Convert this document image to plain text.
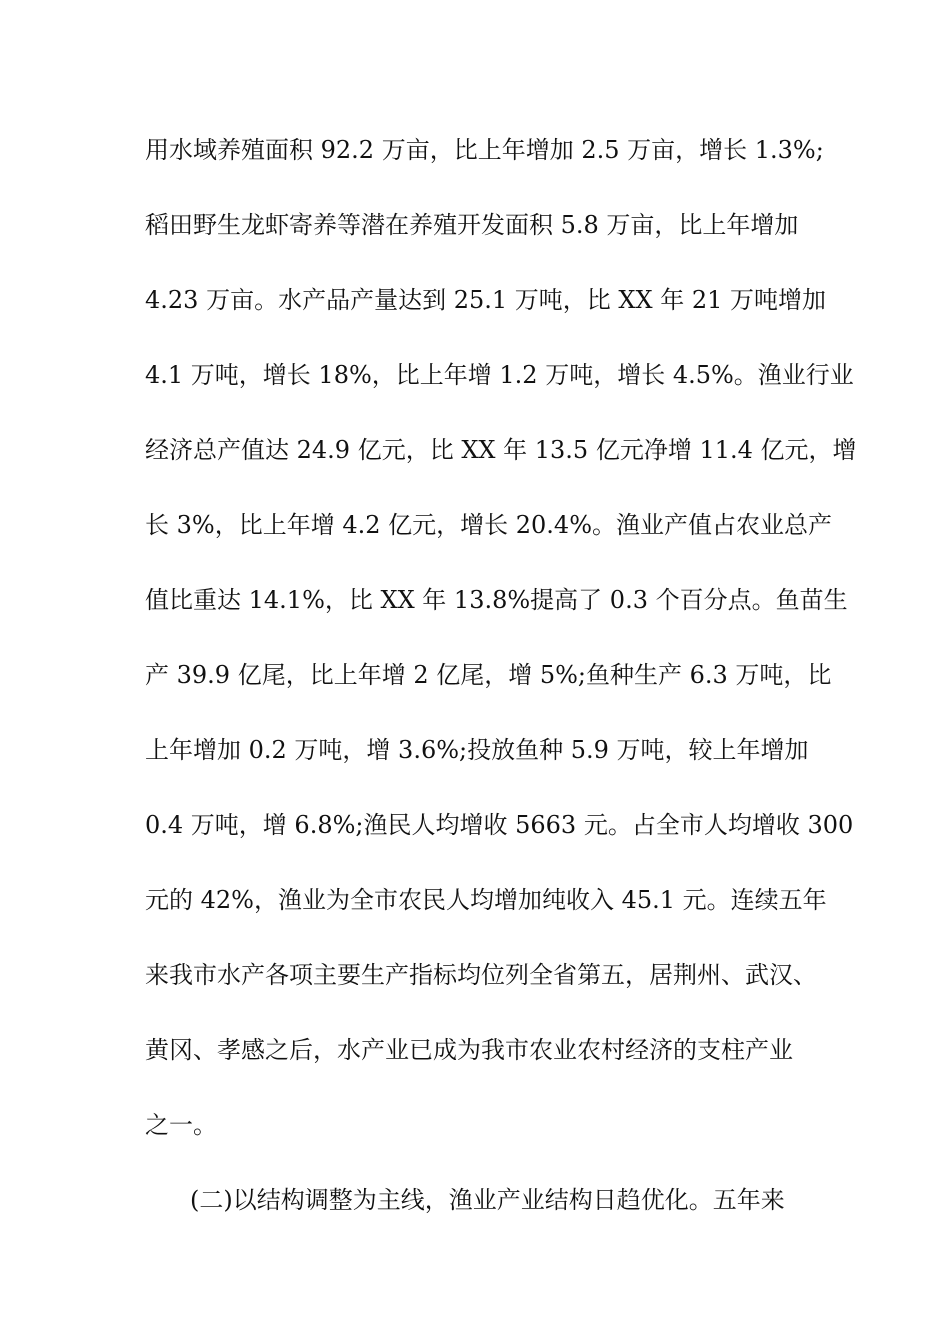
用水域养殖面积 92.2 万亩，比上年增加 2.5 万亩，增长 1.3%;
稻田野生龙虾寄养等潜在养殖开发面积 5.8 万亩，比上年增加
4.23 万亩。水产品产量达到 25.1 万吨，比 XX 年 21 万吨增加
4.1 万吨，增长 18%，比上年增 1.2 万吨，增长 4.5%。渔业行业
经济总产值达 24.9 亿元，比 XX 年 13.5 亿元净增 11.4 亿元，增
长 3%，比上年增 4.2 亿元，增长 20.4%。渔业产值占农业总产
值比重达 14.1%，比 XX 年 13.8%提高了 0.3 个百分点。鱼苗生
产 39.9 亿尾，比上年增 2 亿尾，增 5%;鱼种生产 6.3 万吨，比
上年增加 0.2 万吨，增 3.6%;投放鱼种 5.9 万吨，较上年增加
0.4 万吨，增 6.8%;渔民人均增收 5663 元。占全市人均增收 300
元的 42%，渔业为全市农民人均增加纯收入 45.1 元。连续五年
来我市水产各项主要生产指标均位列全省第五，居荆州、武汉、
黄冈、孝感之后，水产业已成为我市农业农村经济的支柱产业
之一。
(二)以结构调整为主线，渔业产业结构日趋优化。五年来
